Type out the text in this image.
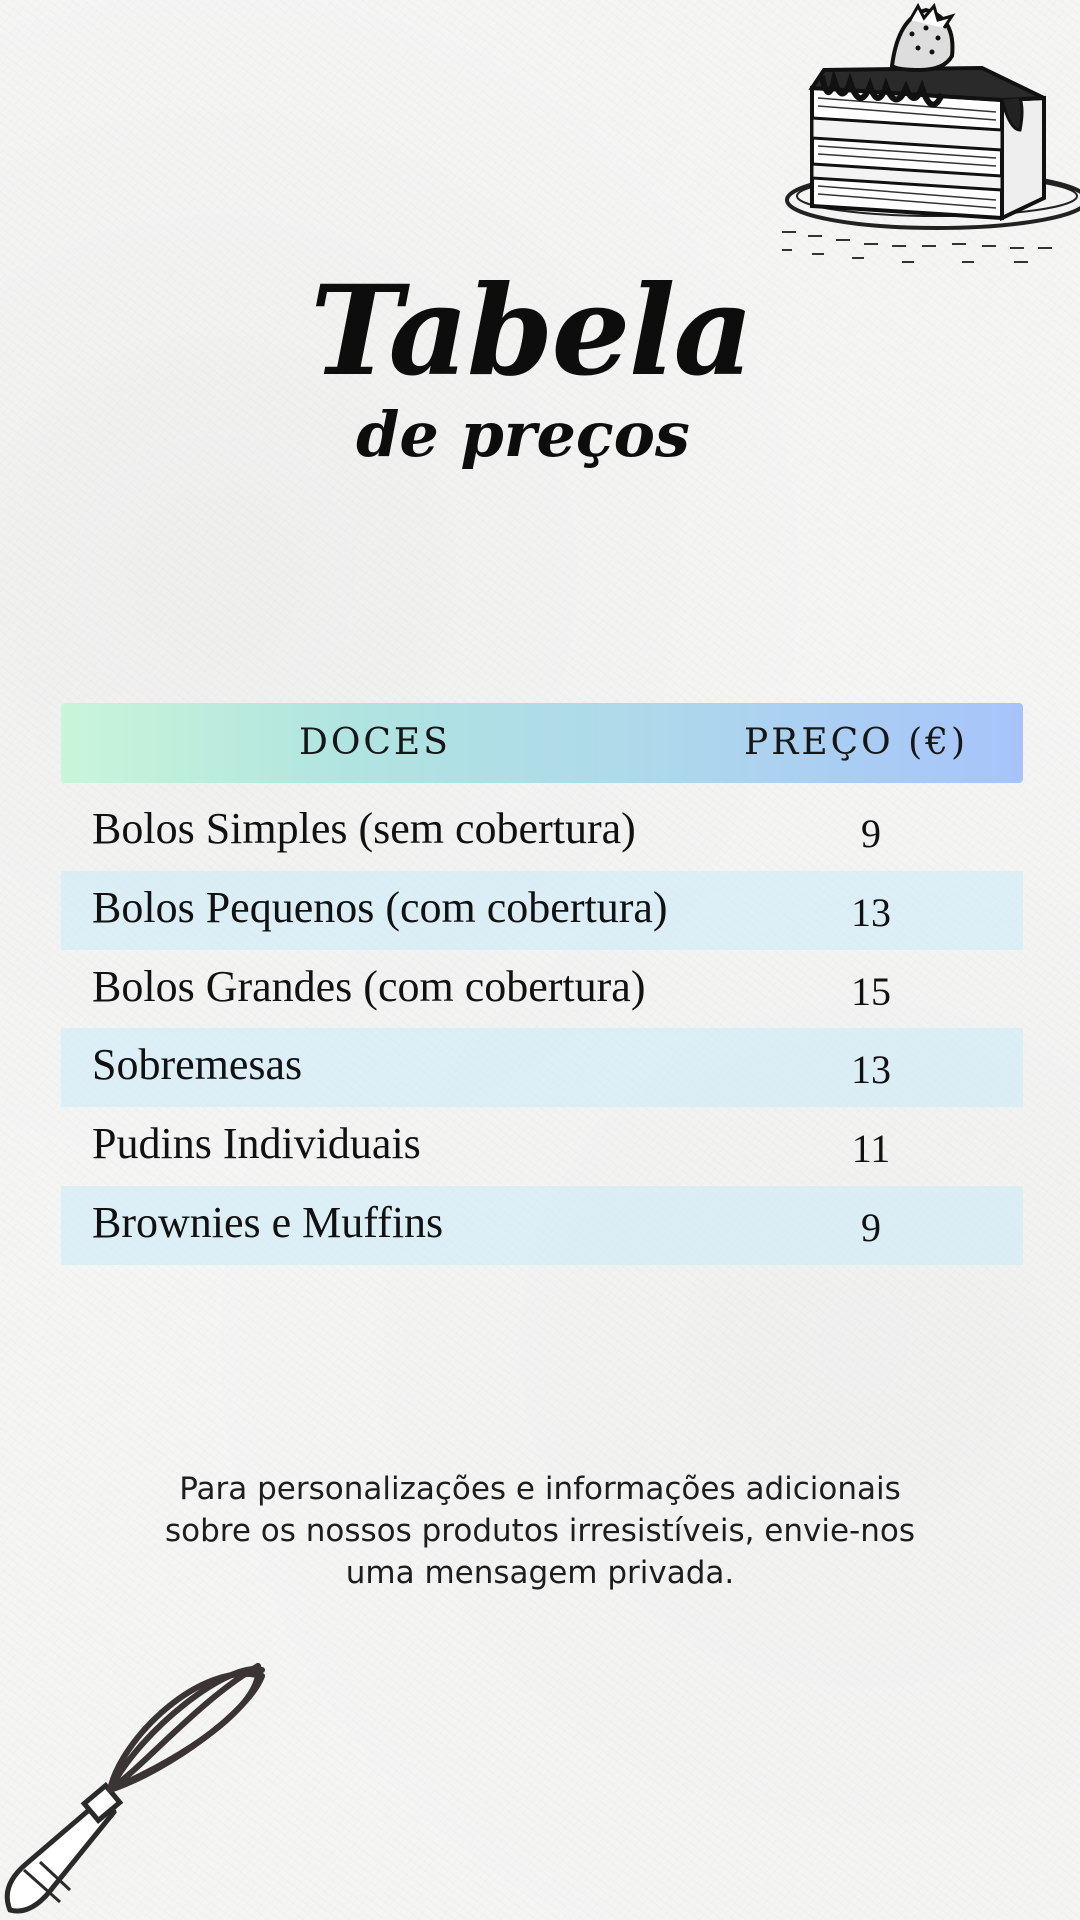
Tabela
de preços
DOCES	PREÇO (€)
Bolos Simples (sem cobertura)	9
Bolos Pequenos (com cobertura)	13
Bolos Grandes (com cobertura)	15
Sobremesas	13
Pudins Individuais	11
Brownies e Muffins	9
Para personalizações e informações adicionais sobre os nossos produtos irresistíveis, envie-nos uma mensagem privada.
